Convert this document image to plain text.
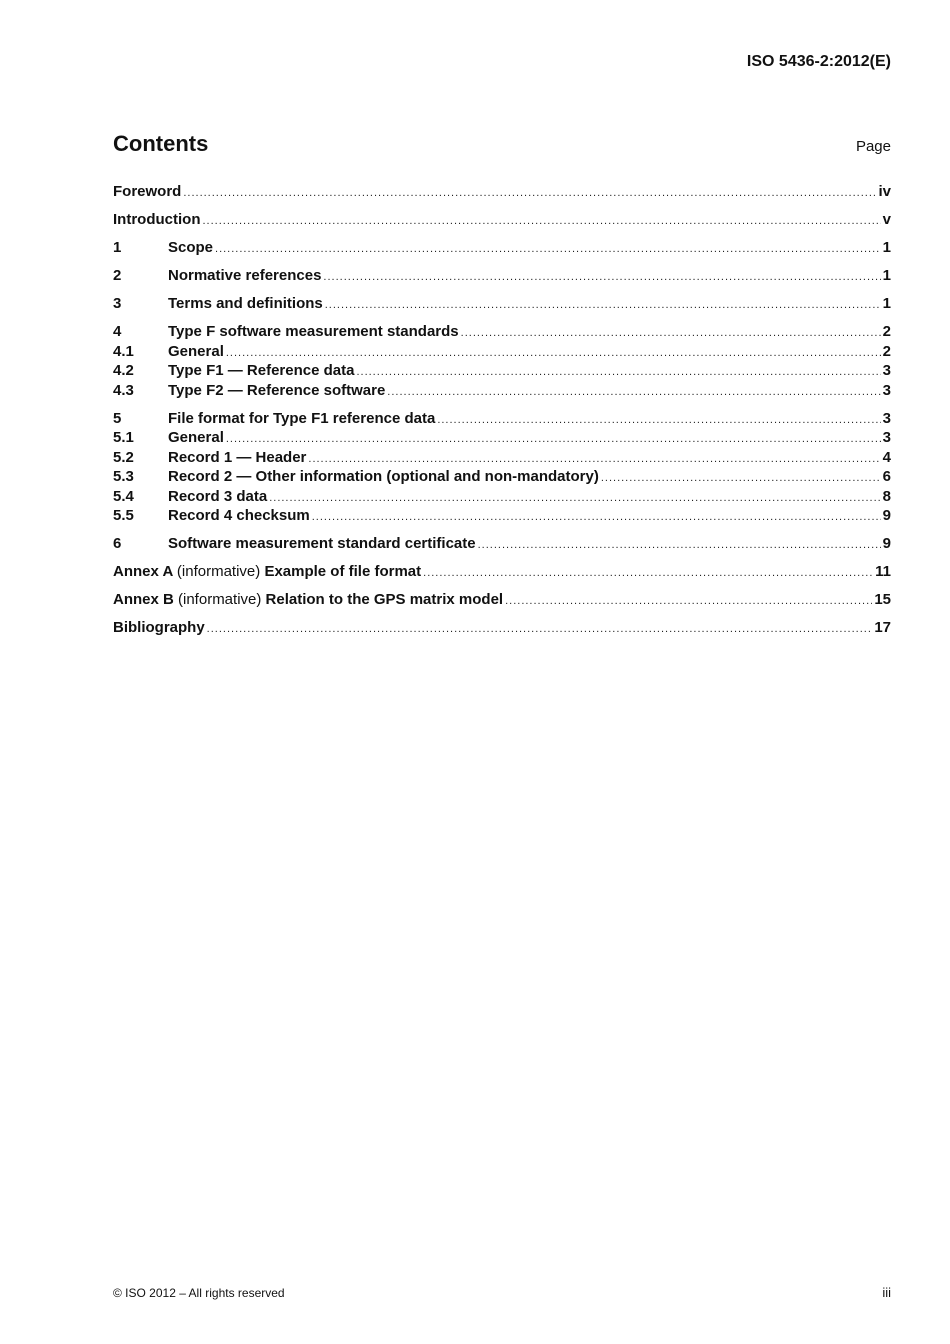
ISO 5436-2:2012(E)
Contents	Page
Foreword .....	iv
Introduction .....	v
1	Scope .....	1
2	Normative references .....	1
3	Terms and definitions .....	1
4	Type F software measurement standards .....	2
4.1	General .....	2
4.2	Type F1 — Reference data .....	3
4.3	Type F2 — Reference software .....	3
5	File format for Type F1 reference data .....	3
5.1	General .....	3
5.2	Record 1 — Header .....	4
5.3	Record 2 — Other information (optional and non-mandatory) .....	6
5.4	Record 3 data .....	8
5.5	Record 4 checksum .....	9
6	Software measurement standard certificate .....	9
Annex A (informative) Example of file format .....	11
Annex B (informative) Relation to the GPS matrix model .....	15
Bibliography .....	17
© ISO 2012 – All rights reserved	iii
